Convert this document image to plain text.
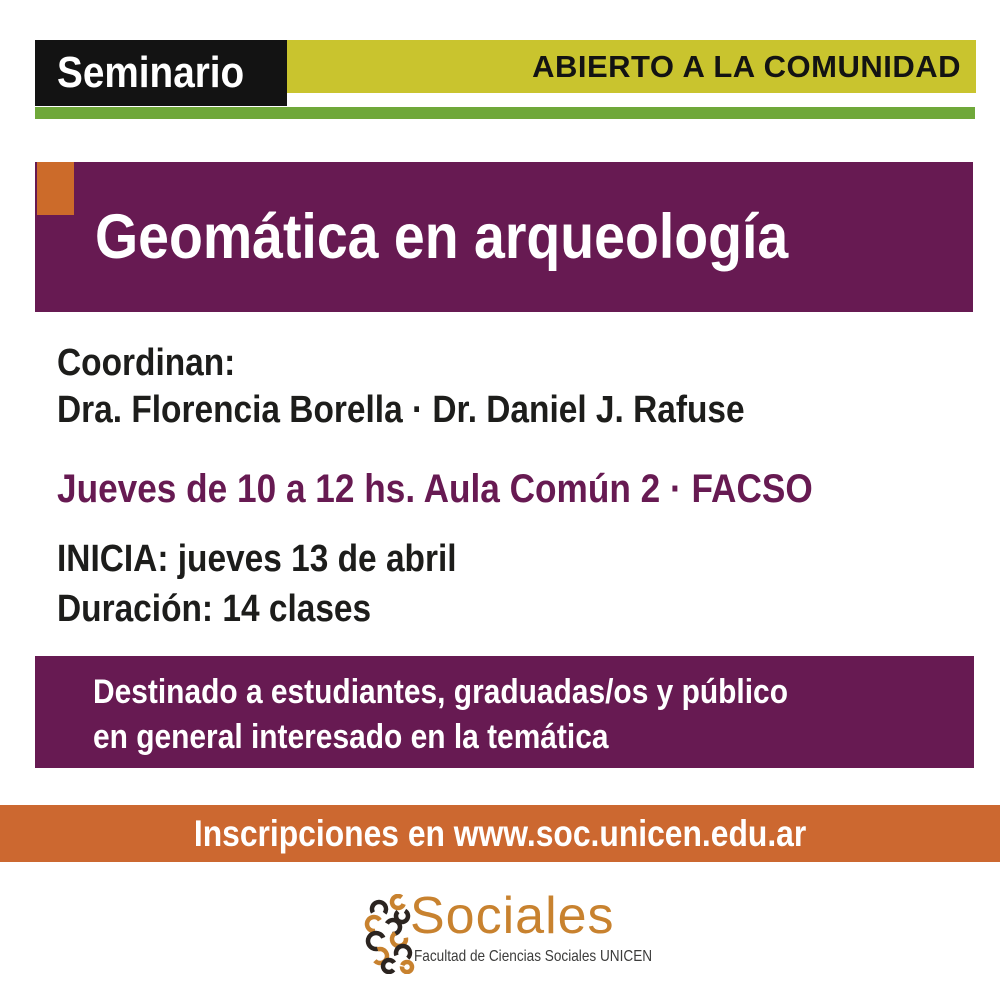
Seminario	ABIERTO A LA COMUNIDAD
Geomática en arqueología
Coordinan:
Dra. Florencia Borella · Dr. Daniel J. Rafuse
Jueves de 10 a 12 hs. Aula Común 2 · FACSO
INICIA: jueves 13 de abril
Duración: 14 clases
Destinado a estudiantes, graduadas/os y público
en general interesado en la temática
Inscripciones en www.soc.unicen.edu.ar
Sociales
Facultad de Ciencias Sociales UNICEN
